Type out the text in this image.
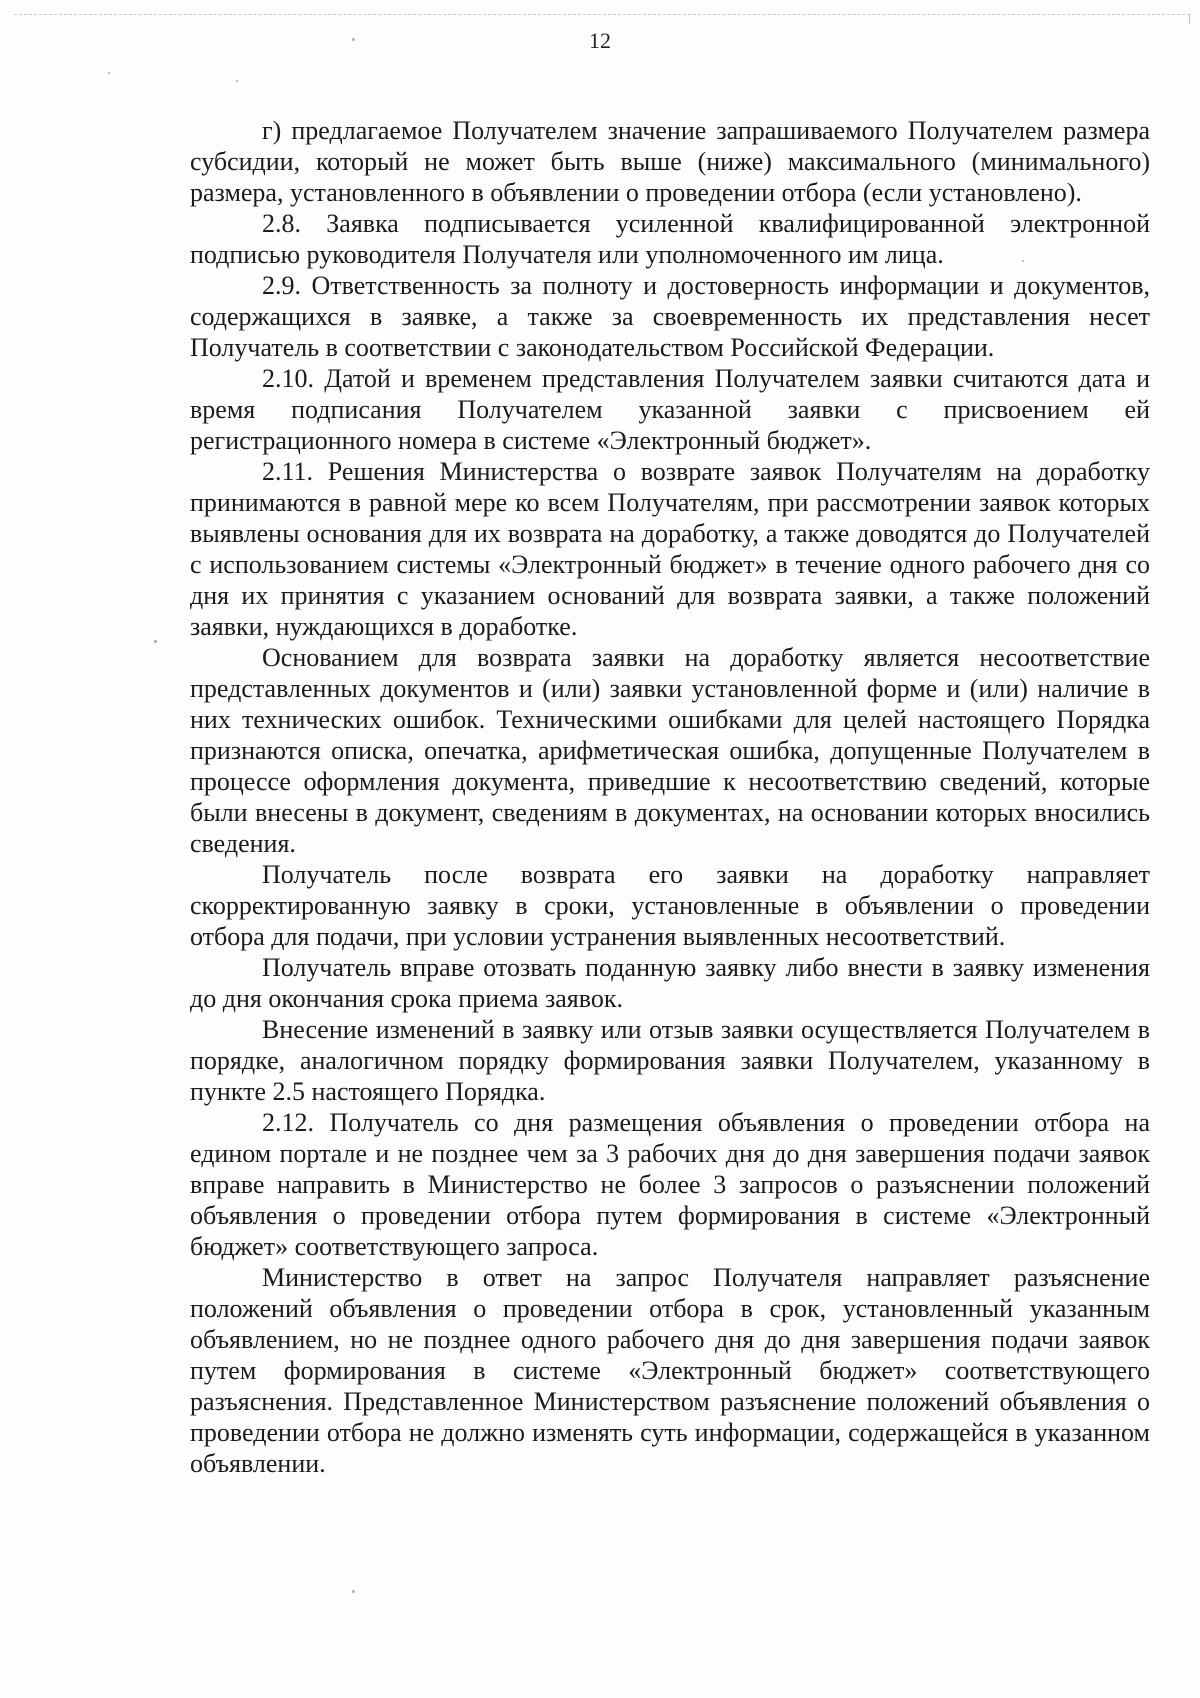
12

г) предлагаемое Получателем значение запрашиваемого Получателем размера субсидии, который не может быть выше (ниже) максимального (минимального) размера, установленного в объявлении о проведении отбора (если установлено).

2.8. Заявка подписывается усиленной квалифицированной электронной подписью руководителя Получателя или уполномоченного им лица.

2.9. Ответственность за полноту и достоверность информации и документов, содержащихся в заявке, а также за своевременность их представления несет Получатель в соответствии с законодательством Российской Федерации.

2.10. Датой и временем представления Получателем заявки считаются дата и время подписания Получателем указанной заявки с присвоением ей регистрационного номера в системе «Электронный бюджет».

2.11. Решения Министерства о возврате заявок Получателям на доработку принимаются в равной мере ко всем Получателям, при рассмотрении заявок которых выявлены основания для их возврата на доработку, а также доводятся до Получателей с использованием системы «Электронный бюджет» в течение одного рабочего дня со дня их принятия с указанием оснований для возврата заявки, а также положений заявки, нуждающихся в доработке.

Основанием для возврата заявки на доработку является несоответствие представленных документов и (или) заявки установленной форме и (или) наличие в них технических ошибок. Техническими ошибками для целей настоящего Порядка признаются описка, опечатка, арифметическая ошибка, допущенные Получателем в процессе оформления документа, приведшие к несоответствию сведений, которые были внесены в документ, сведениям в документах, на основании которых вносились сведения.

Получатель после возврата его заявки на доработку направляет скорректированную заявку в сроки, установленные в объявлении о проведении отбора для подачи, при условии устранения выявленных несоответствий.

Получатель вправе отозвать поданную заявку либо внести в заявку изменения до дня окончания срока приема заявок.

Внесение изменений в заявку или отзыв заявки осуществляется Получателем в порядке, аналогичном порядку формирования заявки Получателем, указанному в пункте 2.5 настоящего Порядка.

2.12. Получатель со дня размещения объявления о проведении отбора на едином портале и не позднее чем за 3 рабочих дня до дня завершения подачи заявок вправе направить в Министерство не более 3 запросов о разъяснении положений объявления о проведении отбора путем формирования в системе «Электронный бюджет» соответствующего запроса.

Министерство в ответ на запрос Получателя направляет разъяснение положений объявления о проведении отбора в срок, установленный указанным объявлением, но не позднее одного рабочего дня до дня завершения подачи заявок путем формирования в системе «Электронный бюджет» соответствующего разъяснения. Представленное Министерством разъяснение положений объявления о проведении отбора не должно изменять суть информации, содержащейся в указанном объявлении.
